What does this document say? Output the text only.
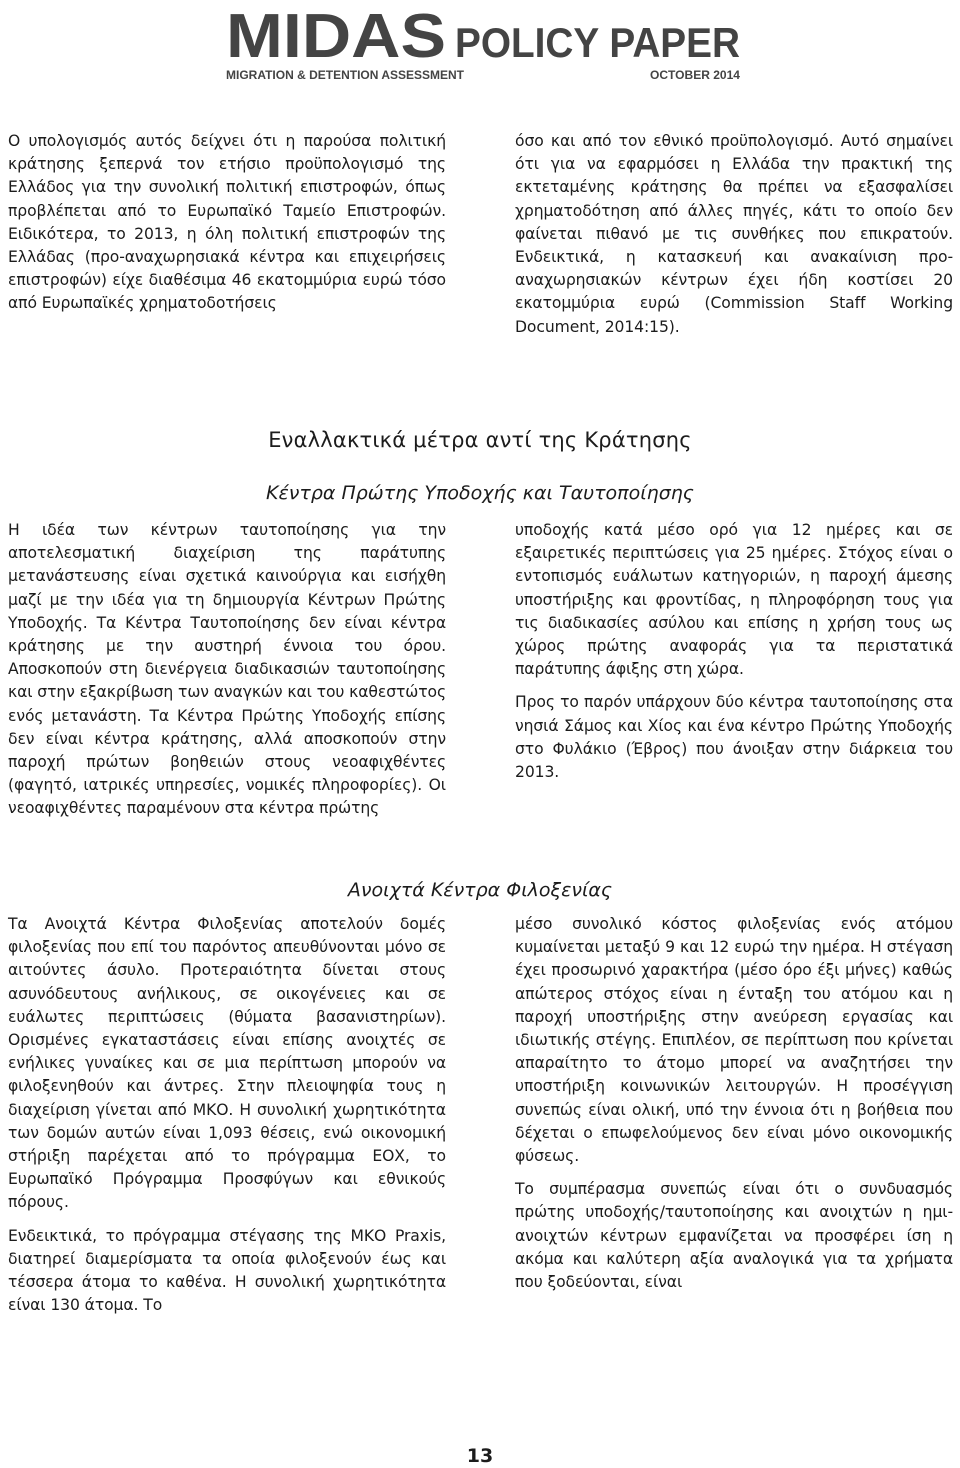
MIDAS POLICY PAPER
MIGRATION & DETENTION ASSESSMENT	OCTOBER 2014

Ο υπολογισμός αυτός δείχνει ότι η παρούσα πολιτική κράτησης ξεπερνά τον ετήσιο προϋπολογισμό της Ελλάδος για την συνολική πολιτική επιστροφών, όπως προβλέπεται από το Ευρωπαϊκό Ταμείο Επιστροφών. Ειδικότερα, το 2013, η όλη πολιτική επιστροφών της Ελλάδας (προ-αναχωρησιακά κέντρα και επιχειρήσεις επιστροφών) είχε διαθέσιμα 46 εκατομμύρια ευρώ τόσο από Ευρωπαϊκές χρηματοδοτήσεις

όσο και από τον εθνικό προϋπολογισμό. Αυτό σημαίνει ότι για να εφαρμόσει η Ελλάδα την πρακτική της εκτεταμένης κράτησης θα πρέπει να εξασφαλίσει χρηματοδότηση από άλλες πηγές, κάτι το οποίο δεν φαίνεται πιθανό με τις συνθήκες που επικρατούν. Ενδεικτικά, η κατασκευή και ανακαίνιση προ-αναχωρησιακών κέντρων έχει ήδη κοστίσει 20 εκατομμύρια ευρώ (Commission Staff Working Document, 2014:15).

Εναλλακτικά μέτρα αντί της Κράτησης
Κέντρα Πρώτης Υποδοχής και Ταυτοποίησης

Η ιδέα των κέντρων ταυτοποίησης για την αποτελεσματική διαχείριση της παράτυπης μετανάστευσης είναι σχετικά καινούργια και εισήχθη μαζί με την ιδέα για τη δημιουργία Κέντρων Πρώτης Υποδοχής. Τα Κέντρα Ταυτοποίησης δεν είναι κέντρα κράτησης με την αυστηρή έννοια του όρου. Αποσκοπούν στη διενέργεια διαδικασιών ταυτοποίησης και στην εξακρίβωση των αναγκών και του καθεστώτος ενός μετανάστη. Τα Κέντρα Πρώτης Υποδοχής επίσης δεν είναι κέντρα κράτησης, αλλά αποσκοπούν στην παροχή πρώτων βοηθειών στους νεοαφιχθέντες (φαγητό, ιατρικές υπηρεσίες, νομικές πληροφορίες). Οι νεοαφιχθέντες παραμένουν στα κέντρα πρώτης

υποδοχής κατά μέσο ορό για 12 ημέρες και σε εξαιρετικές περιπτώσεις για 25 ημέρες. Στόχος είναι ο εντοπισμός ευάλωτων κατηγοριών, η παροχή άμεσης υποστήριξης και φροντίδας, η πληροφόρηση τους για τις διαδικασίες ασύλου και επίσης η χρήση τους ως χώρος πρώτης αναφοράς για τα περιστατικά παράτυπης άφιξης στη χώρα.

Προς το παρόν υπάρχουν δύο κέντρα ταυτοποίησης στα νησιά Σάμος και Χίος και ένα κέντρο Πρώτης Υποδοχής στο Φυλάκιο (Έβρος) που άνοιξαν στην διάρκεια του 2013.

Ανοιχτά Κέντρα Φιλοξενίας

Τα Ανοιχτά Κέντρα Φιλοξενίας αποτελούν δομές φιλοξενίας που επί του παρόντος απευθύνονται μόνο σε αιτούντες άσυλο. Προτεραιότητα δίνεται στους ασυνόδευτους ανήλικους, σε οικογένειες και σε ευάλωτες περιπτώσεις (θύματα βασανιστηρίων). Ορισμένες εγκαταστάσεις είναι επίσης ανοιχτές σε ενήλικες γυναίκες και σε μια περίπτωση μπορούν να φιλοξενηθούν και άντρες. Στην πλειοψηφία τους η διαχείριση γίνεται από ΜΚΟ. Η συνολική χωρητικότητα των δομών αυτών είναι 1,093 θέσεις, ενώ οικονομική στήριξη παρέχεται από το πρόγραμμα ΕΟΧ, το Ευρωπαϊκό Πρόγραμμα Προσφύγων και εθνικούς πόρους.

Ενδεικτικά, το πρόγραμμα στέγασης της ΜΚΟ Praxis, διατηρεί διαμερίσματα τα οποία φιλοξενούν έως και τέσσερα άτομα το καθένα. Η συνολική χωρητικότητα είναι 130 άτομα. Το

μέσο συνολικό κόστος φιλοξενίας ενός ατόμου κυμαίνεται μεταξύ 9 και 12 ευρώ την ημέρα. Η στέγαση έχει προσωρινό χαρακτήρα (μέσο όρο έξι μήνες) καθώς απώτερος στόχος είναι η ένταξη του ατόμου και η παροχή υποστήριξης στην ανεύρεση εργασίας και ιδιωτικής στέγης. Επιπλέον, σε περίπτωση που κρίνεται απαραίτητο το άτομο μπορεί να αναζητήσει την υποστήριξη κοινωνικών λειτουργών. Η προσέγγιση συνεπώς είναι ολική, υπό την έννοια ότι η βοήθεια που δέχεται ο επωφελούμενος δεν είναι μόνο οικονομικής φύσεως.

Το συμπέρασμα συνεπώς είναι ότι ο συνδυασμός πρώτης υποδοχής/ταυτοποίησης και ανοιχτών η ημι-ανοιχτών κέντρων εμφανίζεται να προσφέρει ίση η ακόμα και καλύτερη αξία αναλογικά για τα χρήματα που ξοδεύονται, είναι

13
